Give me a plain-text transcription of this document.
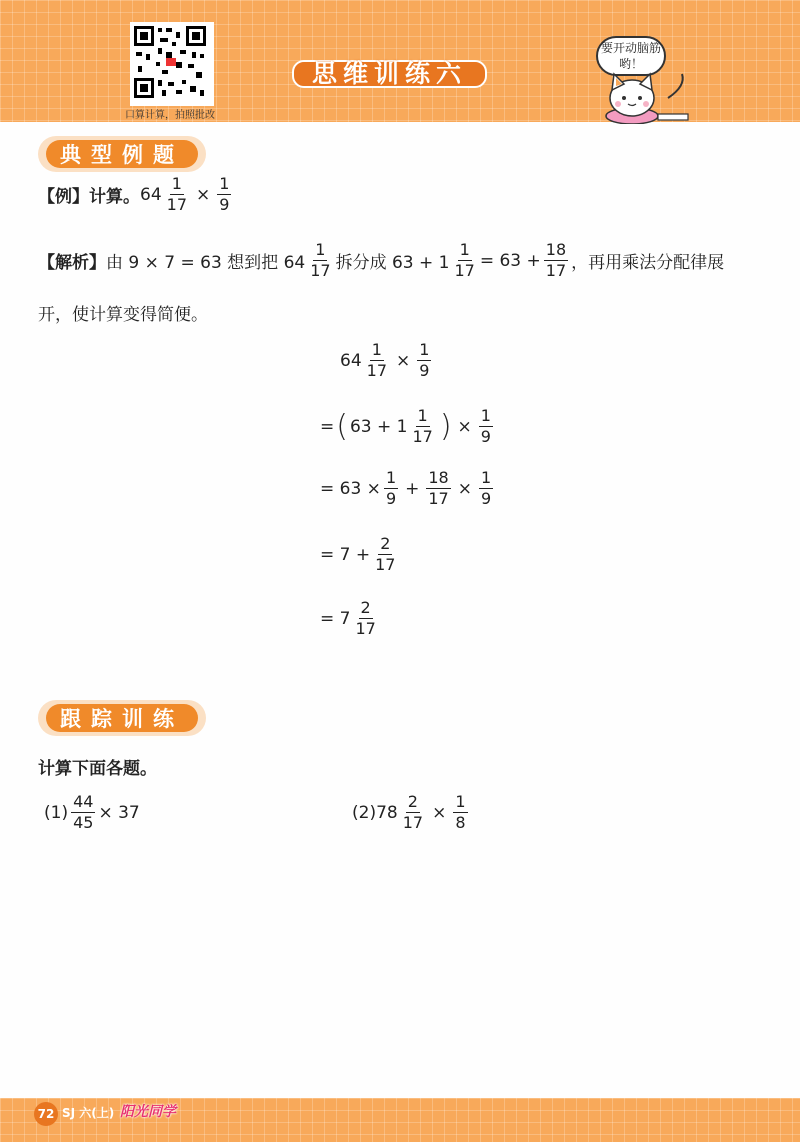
口算计算，拍照批改
思维训练六
要开动脑筋哟！
典型例题
【例】计算。 $64 \frac{1}{17} \times \frac{1}{9}$
【解析】 由 9 × 7 = 63 想到把 $64 \frac{1}{17}$ 拆分成 $63 + 1 \frac{1}{17} = 63 + \frac{18}{17}$ ，再用乘法分配律展
开，使计算变得简便。
$64 \frac{1}{17} \times \frac{1}{9}$
= ( $63 + 1 \frac{1}{17}$ ) × $\frac{1}{9}$
= $63 \times \frac{1}{9} + \frac{18}{17} \times \frac{1}{9}$
= $7 + \frac{2}{17}$
= $7 \frac{2}{17}$
跟踪训练
计算下面各题。
$(1) \frac{44}{45} \times 37$	$(2)78 \frac{2}{17} \times \frac{1}{8}$
72 SJ 六(上) 阳光同学
